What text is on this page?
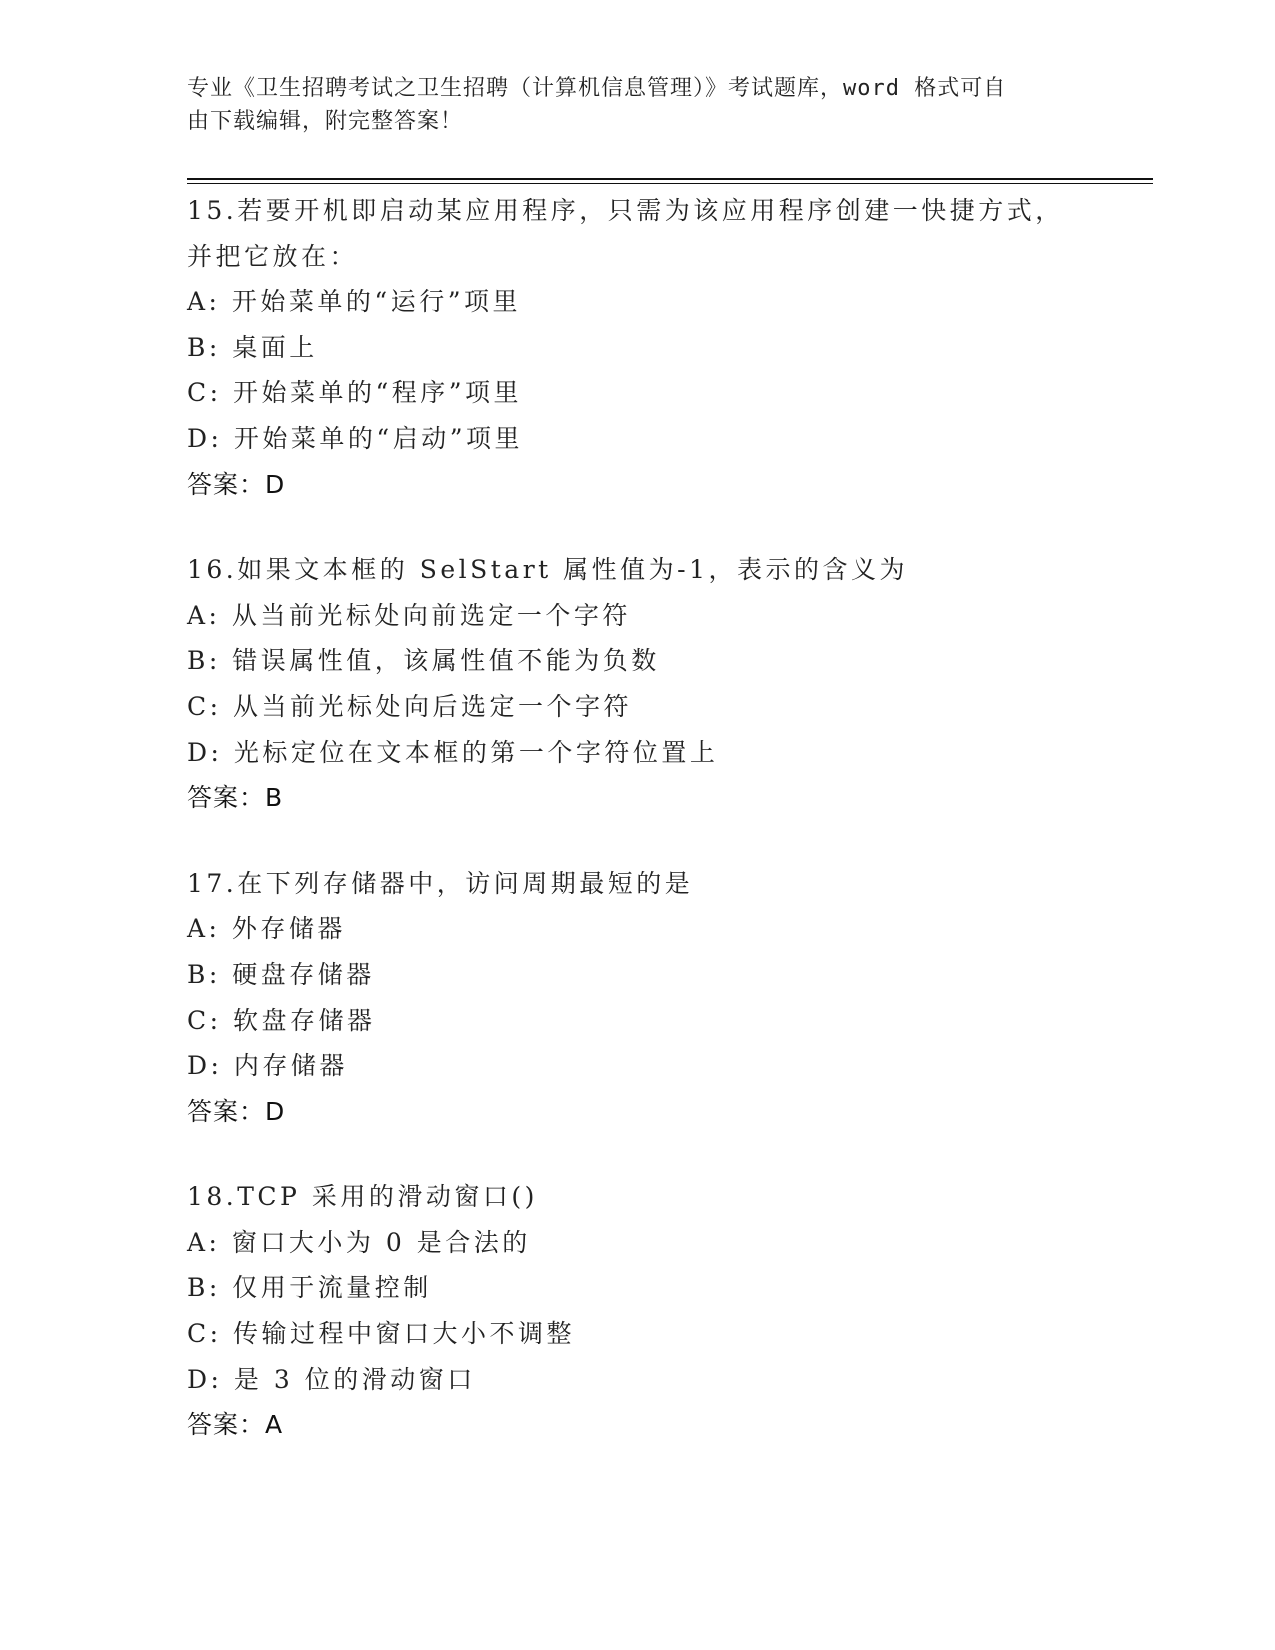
专业《卫生招聘考试之卫生招聘（计算机信息管理）》考试题库，word 格式可自
由下载编辑，附完整答案！
15.若要开机即启动某应用程序，只需为该应用程序创建一快捷方式，
并把它放在：
A: 开始菜单的“运行”项里
B: 桌面上
C: 开始菜单的“程序”项里
D: 开始菜单的“启动”项里
答案：D
16.如果文本框的 SelStart 属性值为-1，表示的含义为
A: 从当前光标处向前选定一个字符
B: 错误属性值，该属性值不能为负数
C: 从当前光标处向后选定一个字符
D: 光标定位在文本框的第一个字符位置上
答案：B
17.在下列存储器中，访问周期最短的是
A: 外存储器
B: 硬盘存储器
C: 软盘存储器
D: 内存储器
答案：D
18.TCP 采用的滑动窗口()
A: 窗口大小为 0 是合法的
B: 仅用于流量控制
C: 传输过程中窗口大小不调整
D: 是 3 位的滑动窗口
答案：A
